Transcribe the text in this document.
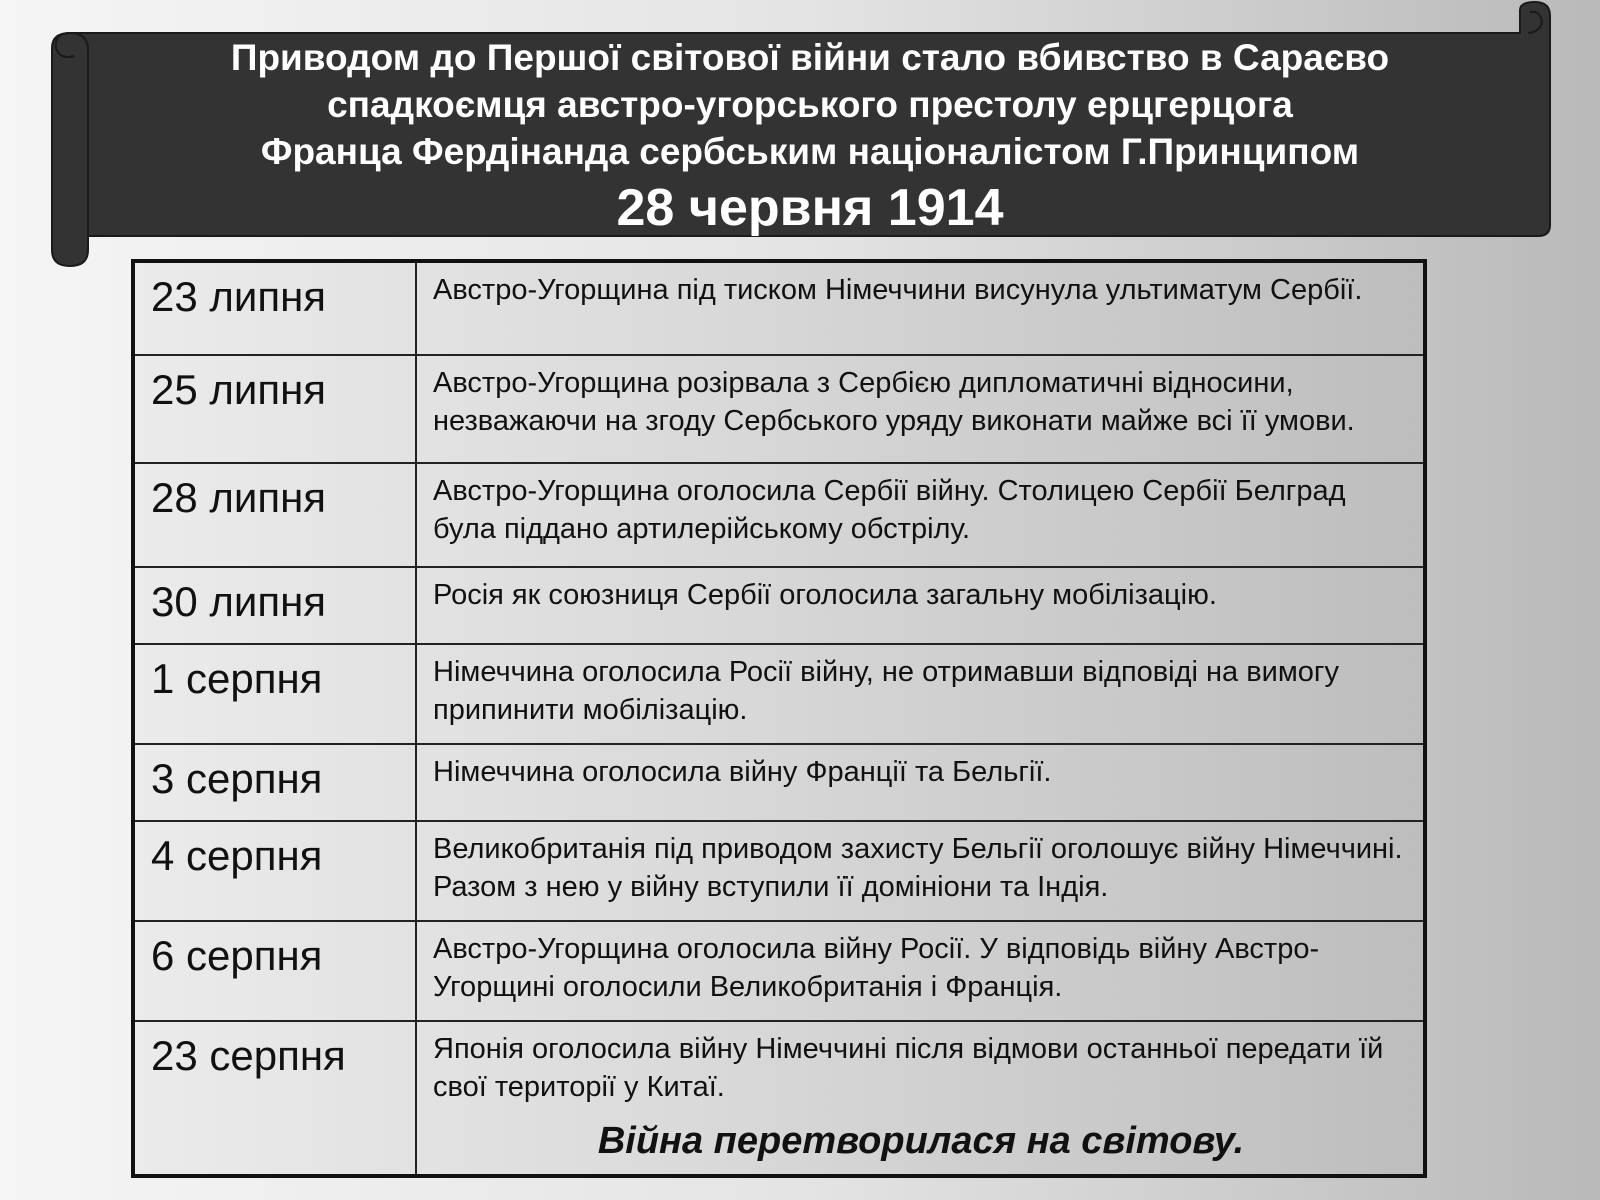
Приводом до Першої світової війни стало вбивство в Сараєво
спадкоємця австро-угорського престолу ерцгерцога
Франца Фердінанда сербським націоналістом Г.Принципом
28 червня 1914
23 липня	Австро-Угорщина під тиском Німеччини висунула ультиматум Сербії.
25 липня	Австро-Угорщина розірвала з Сербією дипломатичні відносини, незважаючи на згоду Сербського уряду виконати майже всі її умови.
28 липня	Австро-Угорщина оголосила Сербії війну. Столицею Сербії Белград була піддано артилерійському обстрілу.
30 липня	Росія як союзниця Сербії оголосила загальну мобілізацію.
1 серпня	Німеччина оголосила Росії війну, не отримавши відповіді на вимогу припинити мобілізацію.
3 серпня	Німеччина оголосила війну Франції та Бельгії.
4 серпня	Великобританія під приводом захисту Бельгії оголошує війну Німеччині. Разом з нею у війну вступили її домініони та Індія.
6 серпня	Австро-Угорщина оголосила війну Росії. У відповідь війну Австро-Угорщині оголосили Великобританія і Франція.
23 серпня	Японія оголосила війну Німеччині після відмови останньої передати їй свої території у Китаї.
Війна перетворилася на світову.
